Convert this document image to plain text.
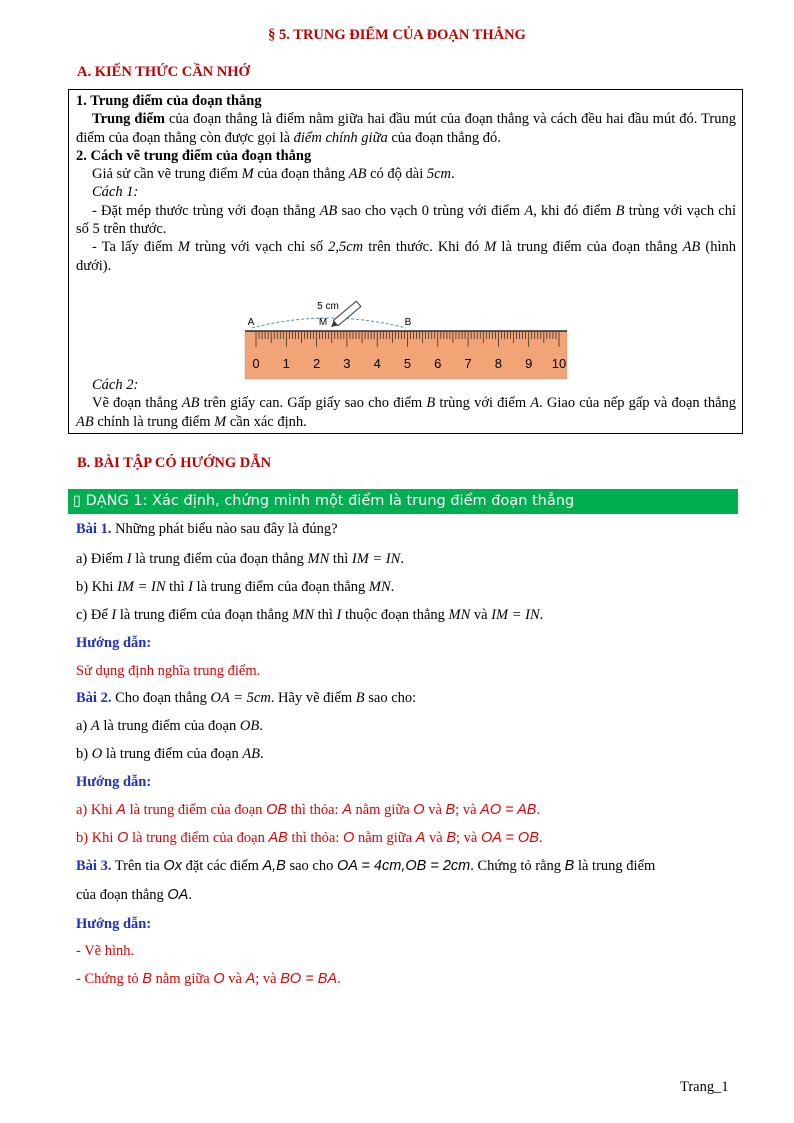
§ 5. TRUNG ĐIỂM CỦA ĐOẠN THẲNG
A. KIẾN THỨC CẦN NHỚ

1. Trung điểm của đoạn thẳng

Trung điểm của đoạn thẳng là điểm nằm giữa hai đầu mút của đoạn thẳng và cách đều hai đầu mút đó. Trung điểm của đoạn thẳng còn được gọi là điểm chính giữa của đoạn thẳng đó.

2. Cách vẽ trung điểm của đoạn thẳng

Giả sử cần vẽ trung điểm M của đoạn thẳng AB có độ dài 5cm.

Cách 1:

- Đặt mép thước trùng với đoạn thẳng AB sao cho vạch 0 trùng với điểm A, khi đó điểm B trùng với vạch chỉ số 5 trên thước.

- Ta lấy điểm M trùng với vạch chỉ số 2,5cm trên thước. Khi đó M là trung điểm của đoạn thẳng AB (hình dưới).

Cách 2:

Vẽ đoạn thẳng AB trên giấy can. Gấp giấy sao cho điểm B trùng với điểm A. Giao của nếp gấp và đoạn thẳng AB chính là trung điểm M cần xác định.

5 cm
A	M	B
0 1 2 3 4 5 6 7 8 9 10
B. BÀI TẬP CÓ HƯỚNG DẪN
▯ DẠNG 1: Xác định, chứng minh một điểm là trung điểm đoạn thẳng
Bài 1. Những phát biểu nào sau đây là đúng?
a) Điểm I là trung điểm của đoạn thẳng MN thì IM = IN.
b) Khi IM = IN thì I là trung điểm của đoạn thẳng MN.
c) Để I là trung điểm của đoạn thẳng MN thì I thuộc đoạn thẳng MN và IM = IN.
Hướng dẫn:
Sử dụng định nghĩa trung điểm.
Bài 2. Cho đoạn thẳng OA = 5cm. Hãy vẽ điểm B sao cho:
a) A là trung điểm của đoạn OB.
b) O là trung điểm của đoạn AB.
Hướng dẫn:
a) Khi A là trung điểm của đoạn OB thì thỏa: A nằm giữa O và B; và AO = AB.
b) Khi O là trung điểm của đoạn AB thì thỏa: O nằm giữa A và B; và OA = OB.
Bài 3. Trên tia Ox đặt các điểm A,B sao cho OA = 4cm,OB = 2cm. Chứng tỏ rằng B là trung điểm
của đoạn thẳng OA.
Hướng dẫn:
- Vẽ hình.
- Chứng tỏ B nằm giữa O và A; và BO = BA.
Trang_1
